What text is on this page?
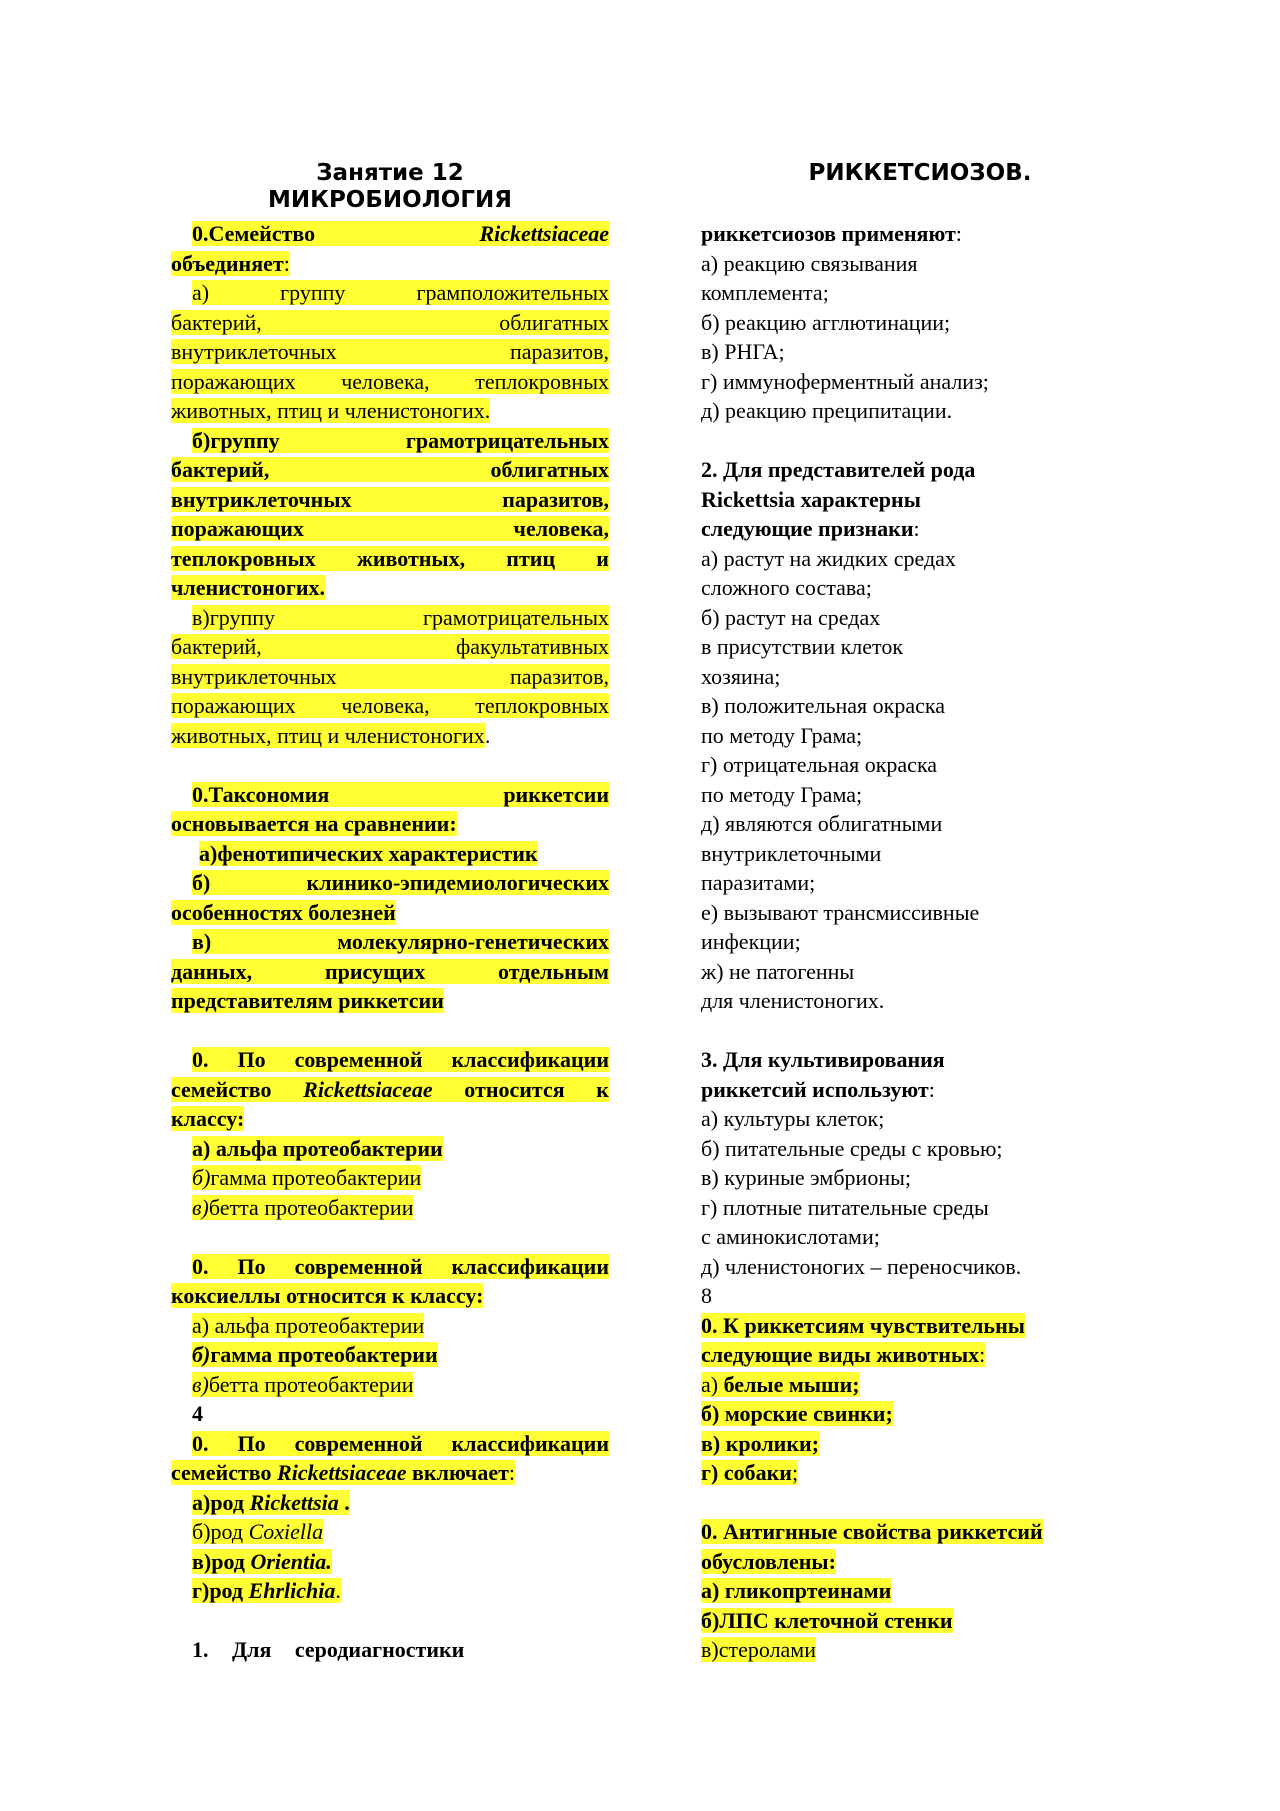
Занятие 12
МИКРОБИОЛОГИЯ
РИККЕТСИОЗОВ.
0.Семейство Rickettsiaceae
объединяет:
а) группу грамположительных
бактерий, облигатных
внутриклеточных паразитов,
поражающих человека, теплокровных
животных, птиц и членистоногих.
б)группу грамотрицательных
бактерий, облигатных
внутриклеточных паразитов,
поражающих человека,
теплокровных животных, птиц и
членистоногих.
в)группу грамотрицательных
бактерий, факультативных
внутриклеточных паразитов,
поражающих человека, теплокровных
животных, птиц и членистоногих.
0.Таксономия риккетсии
основывается на сравнении:
а)фенотипических характеристик
б) клинико-эпидемиологических
особенностях болезней
в) молекулярно-генетических
данных, присущих отдельным
представителям риккетсии
0. По современной классификации
семейство Rickettsiaceae относится к
классу:
а) альфа протеобактерии
б)гамма протеобактерии
в)бетта протеобактерии
0. По современной классификации
коксиеллы относится к классу:
а) альфа протеобактерии
б)гамма протеобактерии
в)бетта протеобактерии
4
0. По современной классификации
семейство Rickettsiaceae включает:
а)род Rickettsia .
б)род Coxiella
в)род Orientia.
г)род Ehrlichia.
1. Для серодиагностики
риккетсиозов применяют:
а) реакцию связывания
комплемента;
б) реакцию агглютинации;
в) РНГА;
г) иммуноферментный анализ;
д) реакцию преципитации.
2. Для представителей рода
Rickettsia характерны
следующие признаки:
а) растут на жидких средах
сложного состава;
б) растут на средах
в присутствии клеток
хозяина;
в) положительная окраска
по методу Грама;
г) отрицательная окраска
по методу Грама;
д) являются облигатными
внутриклеточными
паразитами;
е) вызывают трансмиссивные
инфекции;
ж) не патогенны
для членистоногих.
3. Для культивирования
риккетсий используют:
а) культуры клеток;
б) питательные среды с кровью;
в) куриные эмбрионы;
г) плотные питательные среды
с аминокислотами;
д) членистоногих – переносчиков.
8
0. К риккетсиям чувствительны
следующие виды животных:
а) белые мыши;
б) морские свинки;
в) кролики;
г) собаки;
0. Антигнные свойства риккетсий
обусловлены:
а) гликопртеинами
б)ЛПС клеточной стенки
в)стеролами
